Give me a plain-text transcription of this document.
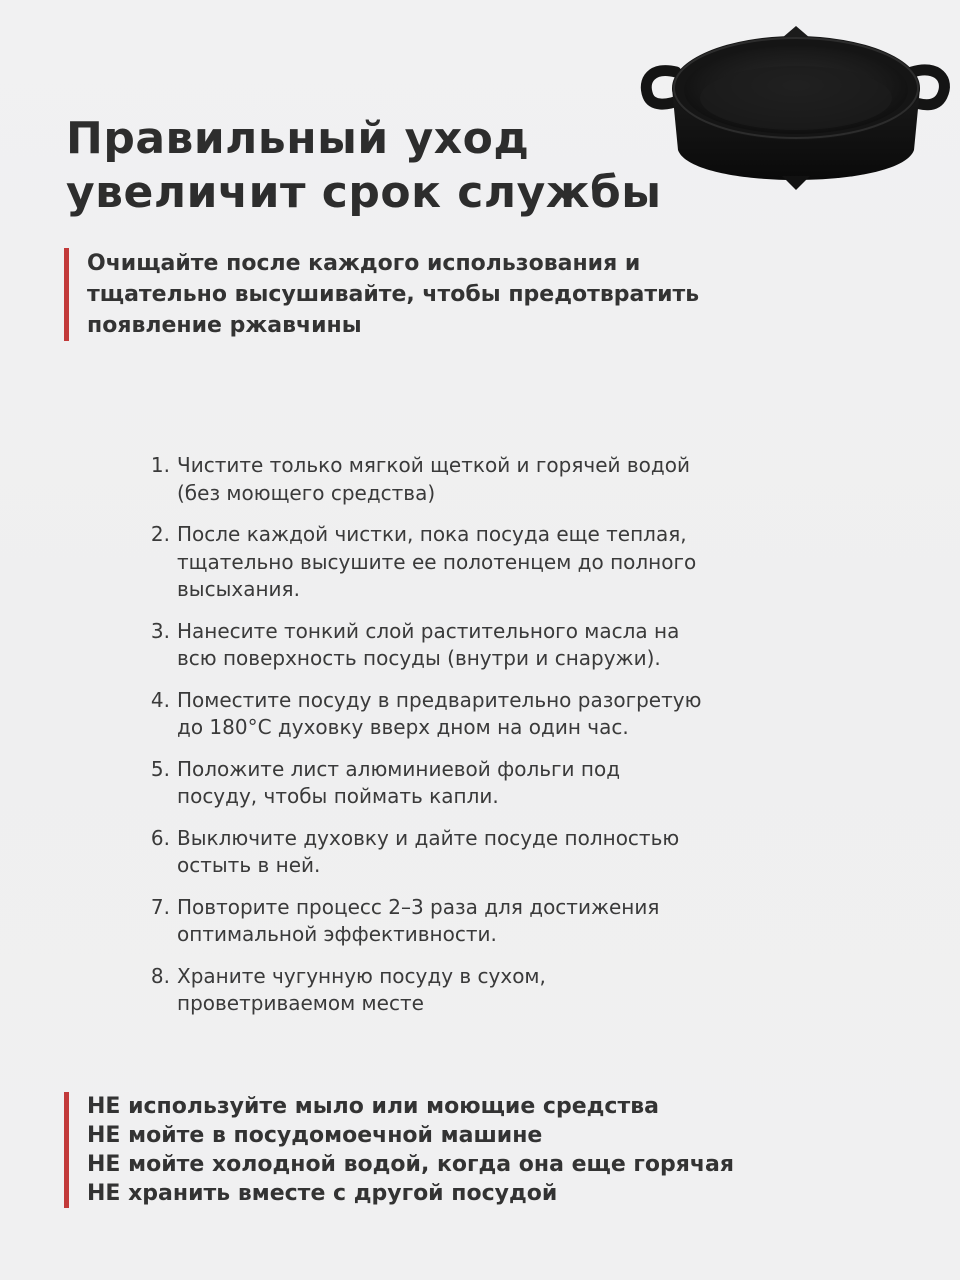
Правильный уход
увеличит срок службы
Очищайте после каждого использования и
тщательно высушивайте, чтобы предотвратить
появление ржавчины
1. Чистите только мягкой щеткой и горячей водой
(без моющего средства)
2. После каждой чистки, пока посуда еще теплая,
тщательно высушите ее полотенцем до полного
высыхания.
3. Нанесите тонкий слой растительного масла на
всю поверхность посуды (внутри и снаружи).
4. Поместите посуду в предварительно разогретую
до 180°С духовку вверх дном на один час.
5. Положите лист алюминиевой фольги под
посуду, чтобы поймать капли.
6. Выключите духовку и дайте посуде полностью
остыть в ней.
7. Повторите процесс 2–3 раза для достижения
оптимальной эффективности.
8. Храните чугунную посуду в сухом,
проветриваемом месте
НЕ используйте мыло или моющие средства
НЕ мойте в посудомоечной машине
НЕ мойте холодной водой, когда она еще горячая
НЕ хранить вместе с другой посудой
